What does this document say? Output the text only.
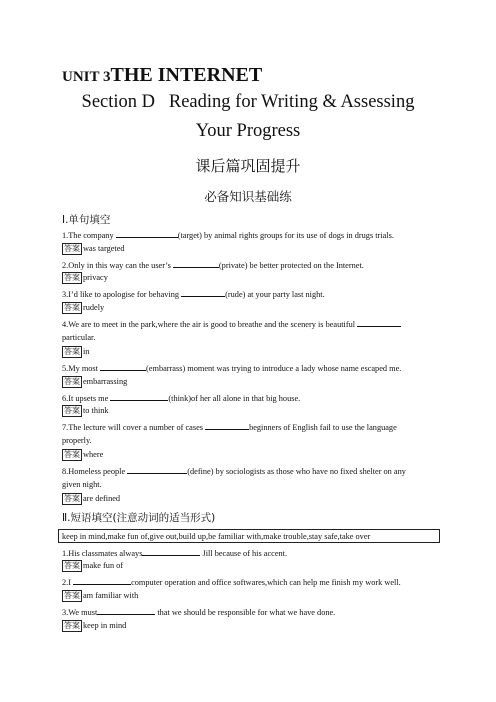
UNIT 3THE INTERNET
Section D   Reading for Writing & Assessing
Your Progress
课后篇巩固提升
必备知识基础练
Ⅰ.单句填空
1.The company	(target) by animal rights groups for its use of dogs in drugs trials.
答案 was targeted
2.Only in this way can the user’s	(private) be better protected on the Internet.
答案 privacy
3.I’d like to apologise for behaving	(rude) at your party last night.
答案 rudely
4.We are to meet in the park,where the air is good to breathe and the scenery is beautiful
particular.
答案 in
5.My most	(embarrass) moment was trying to introduce a lady whose name escaped me.
答案 embarrassing
6.It upsets me	(think)of her all alone in that big house.
答案 to think
7.The lecture will cover a number of cases	beginners of English fail to use the language
properly.
答案 where
8.Homeless people	(define) by sociologists as those who have no fixed shelter on any
given night.
答案 are defined
Ⅱ.短语填空(注意动词的适当形式)
keep in mind,make fun of,give out,build up,be familiar with,make trouble,stay safe,take over
1.His classmates always	Jill because of his accent.
答案 make fun of
2.I	computer operation and office softwares,which can help me finish my work well.
答案 am familiar with
3.We must	that we should be responsible for what we have done.
答案 keep in mind
